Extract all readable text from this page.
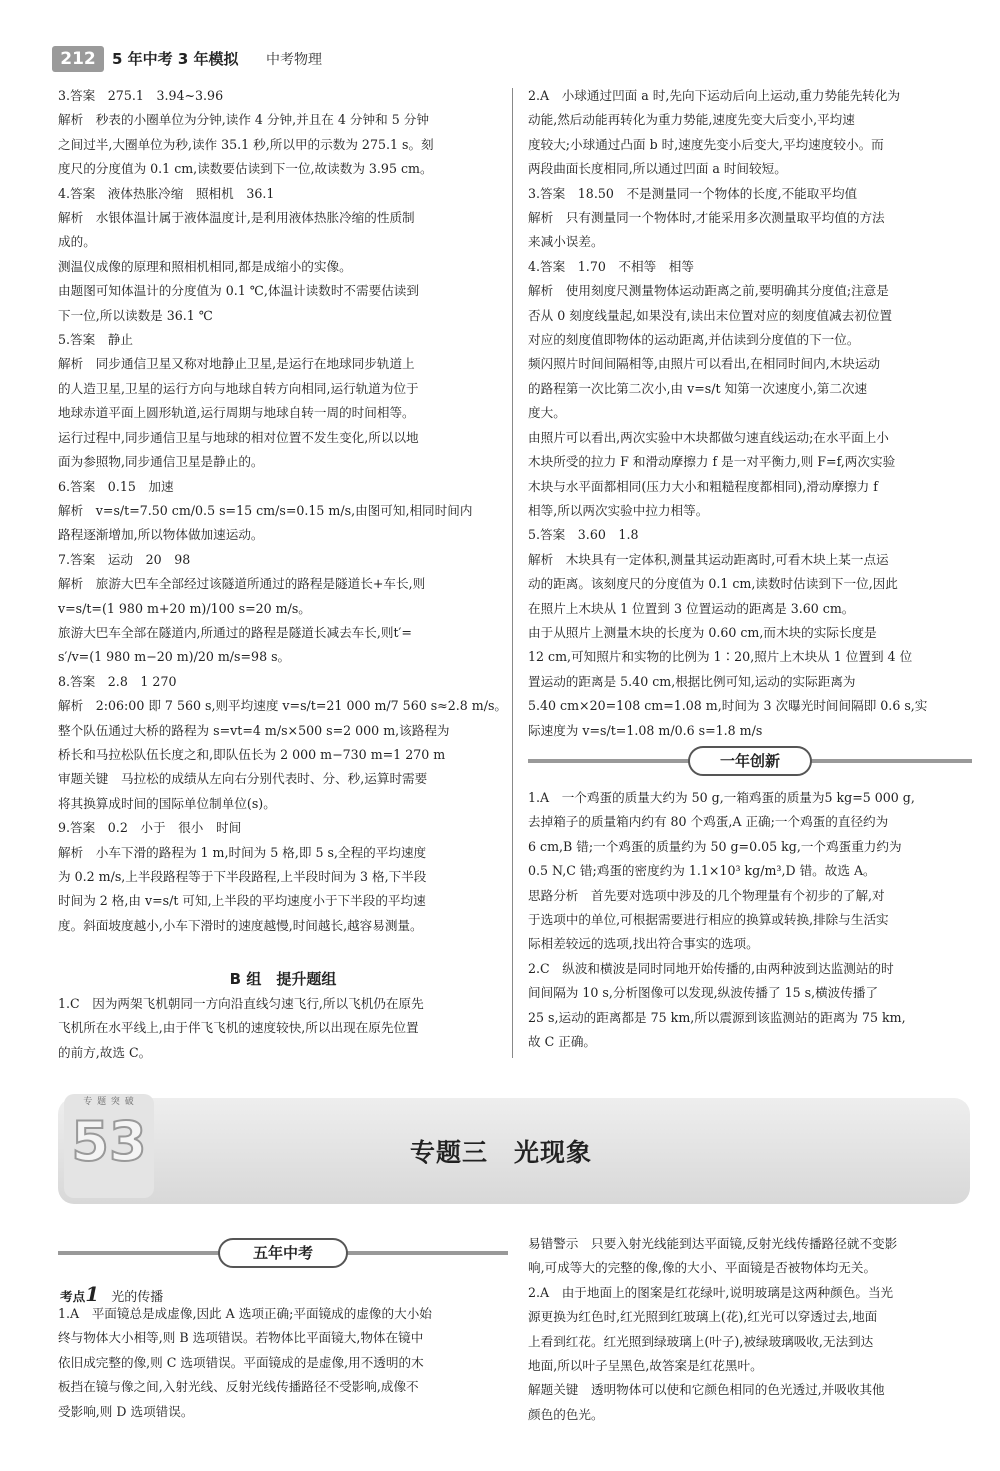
212	5 年中考 3 年模拟 中考物理

3.答案　275.1　3.94~3.96

解析　秒表的小圈单位为分钟,读作 4 分钟,并且在 4 分钟和 5 分钟

之间过半,大圈单位为秒,读作 35.1 秒,所以甲的示数为 275.1 s。刻

度尺的分度值为 0.1 cm,读数要估读到下一位,故读数为 3.95 cm。

4.答案　液体热胀冷缩　照相机　36.1

解析　水银体温计属于液体温度计,是利用液体热胀冷缩的性质制

成的。

测温仪成像的原理和照相机相同,都是成缩小的实像。

由题图可知体温计的分度值为 0.1 ℃,体温计读数时不需要估读到

下一位,所以读数是 36.1 ℃

5.答案　静止

解析　同步通信卫星又称对地静止卫星,是运行在地球同步轨道上

的人造卫星,卫星的运行方向与地球自转方向相同,运行轨道为位于

地球赤道平面上圆形轨道,运行周期与地球自转一周的时间相等。

运行过程中,同步通信卫星与地球的相对位置不发生变化,所以以地

面为参照物,同步通信卫星是静止的。

6.答案　0.15　加速

解析　v=s/t=7.50 cm/0.5 s=15 cm/s=0.15 m/s,由图可知,相同时间内

路程逐渐增加,所以物体做加速运动。

7.答案　运动　20　98

解析　旅游大巴车全部经过该隧道所通过的路程是隧道长+车长,则

v=s/t=(1 980 m+20 m)/100 s=20 m/s。

旅游大巴车全部在隧道内,所通过的路程是隧道长减去车长,则t′=

s′/v=(1 980 m−20 m)/20 m/s=98 s。

8.答案　2.8　1 270

解析　2:06:00 即 7 560 s,则平均速度 v=s/t=21 000 m/7 560 s≈2.8 m/s。

整个队伍通过大桥的路程为 s=vt=4 m/s×500 s=2 000 m,该路程为

桥长和马拉松队伍长度之和,即队伍长为 2 000 m−730 m=1 270 m

审题关键　马拉松的成绩从左向右分别代表时、分、秒,运算时需要

将其换算成时间的国际单位制单位(s)。

9.答案　0.2　小于　很小　时间

解析　小车下滑的路程为 1 m,时间为 5 格,即 5 s,全程的平均速度

为 0.2 m/s,上半段路程等于下半段路程,上半段时间为 3 格,下半段

时间为 2 格,由 v=s/t 可知,上半段的平均速度小于下半段的平均速

度。斜面坡度越小,小车下滑时的速度越慢,时间越长,越容易测量。

B 组　提升题组

1.C　因为两架飞机朝同一方向沿直线匀速飞行,所以飞机仍在原先

飞机所在水平线上,由于伴飞飞机的速度较快,所以出现在原先位置

的前方,故选 C。

2.A　小球通过凹面 a 时,先向下运动后向上运动,重力势能先转化为

动能,然后动能再转化为重力势能,速度先变大后变小,平均速

度较大;小球通过凸面 b 时,速度先变小后变大,平均速度较小。而

两段曲面长度相同,所以通过凹面 a 时间较短。

3.答案　18.50　不是测量同一个物体的长度,不能取平均值

解析　只有测量同一个物体时,才能采用多次测量取平均值的方法

来减小误差。

4.答案　1.70　不相等　相等

解析　使用刻度尺测量物体运动距离之前,要明确其分度值;注意是

否从 0 刻度线量起,如果没有,读出末位置对应的刻度值减去初位置

对应的刻度值即物体的运动距离,并估读到分度值的下一位。

频闪照片时间间隔相等,由照片可以看出,在相同时间内,木块运动

的路程第一次比第二次小,由 v=s/t 知第一次速度小,第二次速

度大。

由照片可以看出,两次实验中木块都做匀速直线运动;在水平面上小

木块所受的拉力 F 和滑动摩擦力 f 是一对平衡力,则 F=f,两次实验

木块与水平面都相同(压力大小和粗糙程度都相同),滑动摩擦力 f

相等,所以两次实验中拉力相等。

5.答案　3.60　1.8

解析　木块具有一定体积,测量其运动距离时,可看木块上某一点运

动的距离。该刻度尺的分度值为 0.1 cm,读数时估读到下一位,因此

在照片上木块从 1 位置到 3 位置运动的距离是 3.60 cm。

由于从照片上测量木块的长度为 0.60 cm,而木块的实际长度是

12 cm,可知照片和实物的比例为 1∶20,照片上木块从 1 位置到 4 位

置运动的距离是 5.40 cm,根据比例可知,运动的实际距离为

5.40 cm×20=108 cm=1.08 m,时间为 3 次曝光时间间隔即 0.6 s,实

际速度为 v=s/t=1.08 m/0.6 s=1.8 m/s

一年创新

1.A　一个鸡蛋的质量大约为 50 g,一箱鸡蛋的质量为5 kg=5 000 g,

去掉箱子的质量箱内约有 80 个鸡蛋,A 正确;一个鸡蛋的直径约为

6 cm,B 错;一个鸡蛋的质量约为 50 g=0.05 kg,一个鸡蛋重力约为

0.5 N,C 错;鸡蛋的密度约为 1.1×10³ kg/m³,D 错。故选 A。

思路分析　首先要对选项中涉及的几个物理量有个初步的了解,对

于选项中的单位,可根据需要进行相应的换算或转换,排除与生活实

际相差较远的选项,找出符合事实的选项。

2.C　纵波和横波是同时同地开始传播的,由两种波到达监测站的时

间间隔为 10 s,分析图像可以发现,纵波传播了 15 s,横波传播了

25 s,运动的距离都是 75 km,所以震源到该监测站的距离为 75 km,

故 C 正确。

专 题 突 破
53	专题三　光现象
五年中考
考点1 光的传播

1.A　平面镜总是成虚像,因此 A 选项正确;平面镜成的虚像的大小始

终与物体大小相等,则 B 选项错误。若物体比平面镜大,物体在镜中

依旧成完整的像,则 C 选项错误。平面镜成的是虚像,用不透明的木

板挡在镜与像之间,入射光线、反射光线传播路径不受影响,成像不

受影响,则 D 选项错误。

易错警示　只要入射光线能到达平面镜,反射光线传播路径就不变影

响,可成等大的完整的像,像的大小、平面镜是否被物体均无关。

2.A　由于地面上的图案是红花绿叶,说明玻璃是这两种颜色。当光

源更换为红色时,红光照到红玻璃上(花),红光可以穿透过去,地面

上看到红花。红光照到绿玻璃上(叶子),被绿玻璃吸收,无法到达

地面,所以叶子呈黑色,故答案是红花黑叶。

解题关键　透明物体可以使和它颜色相同的色光透过,并吸收其他

颜色的色光。
